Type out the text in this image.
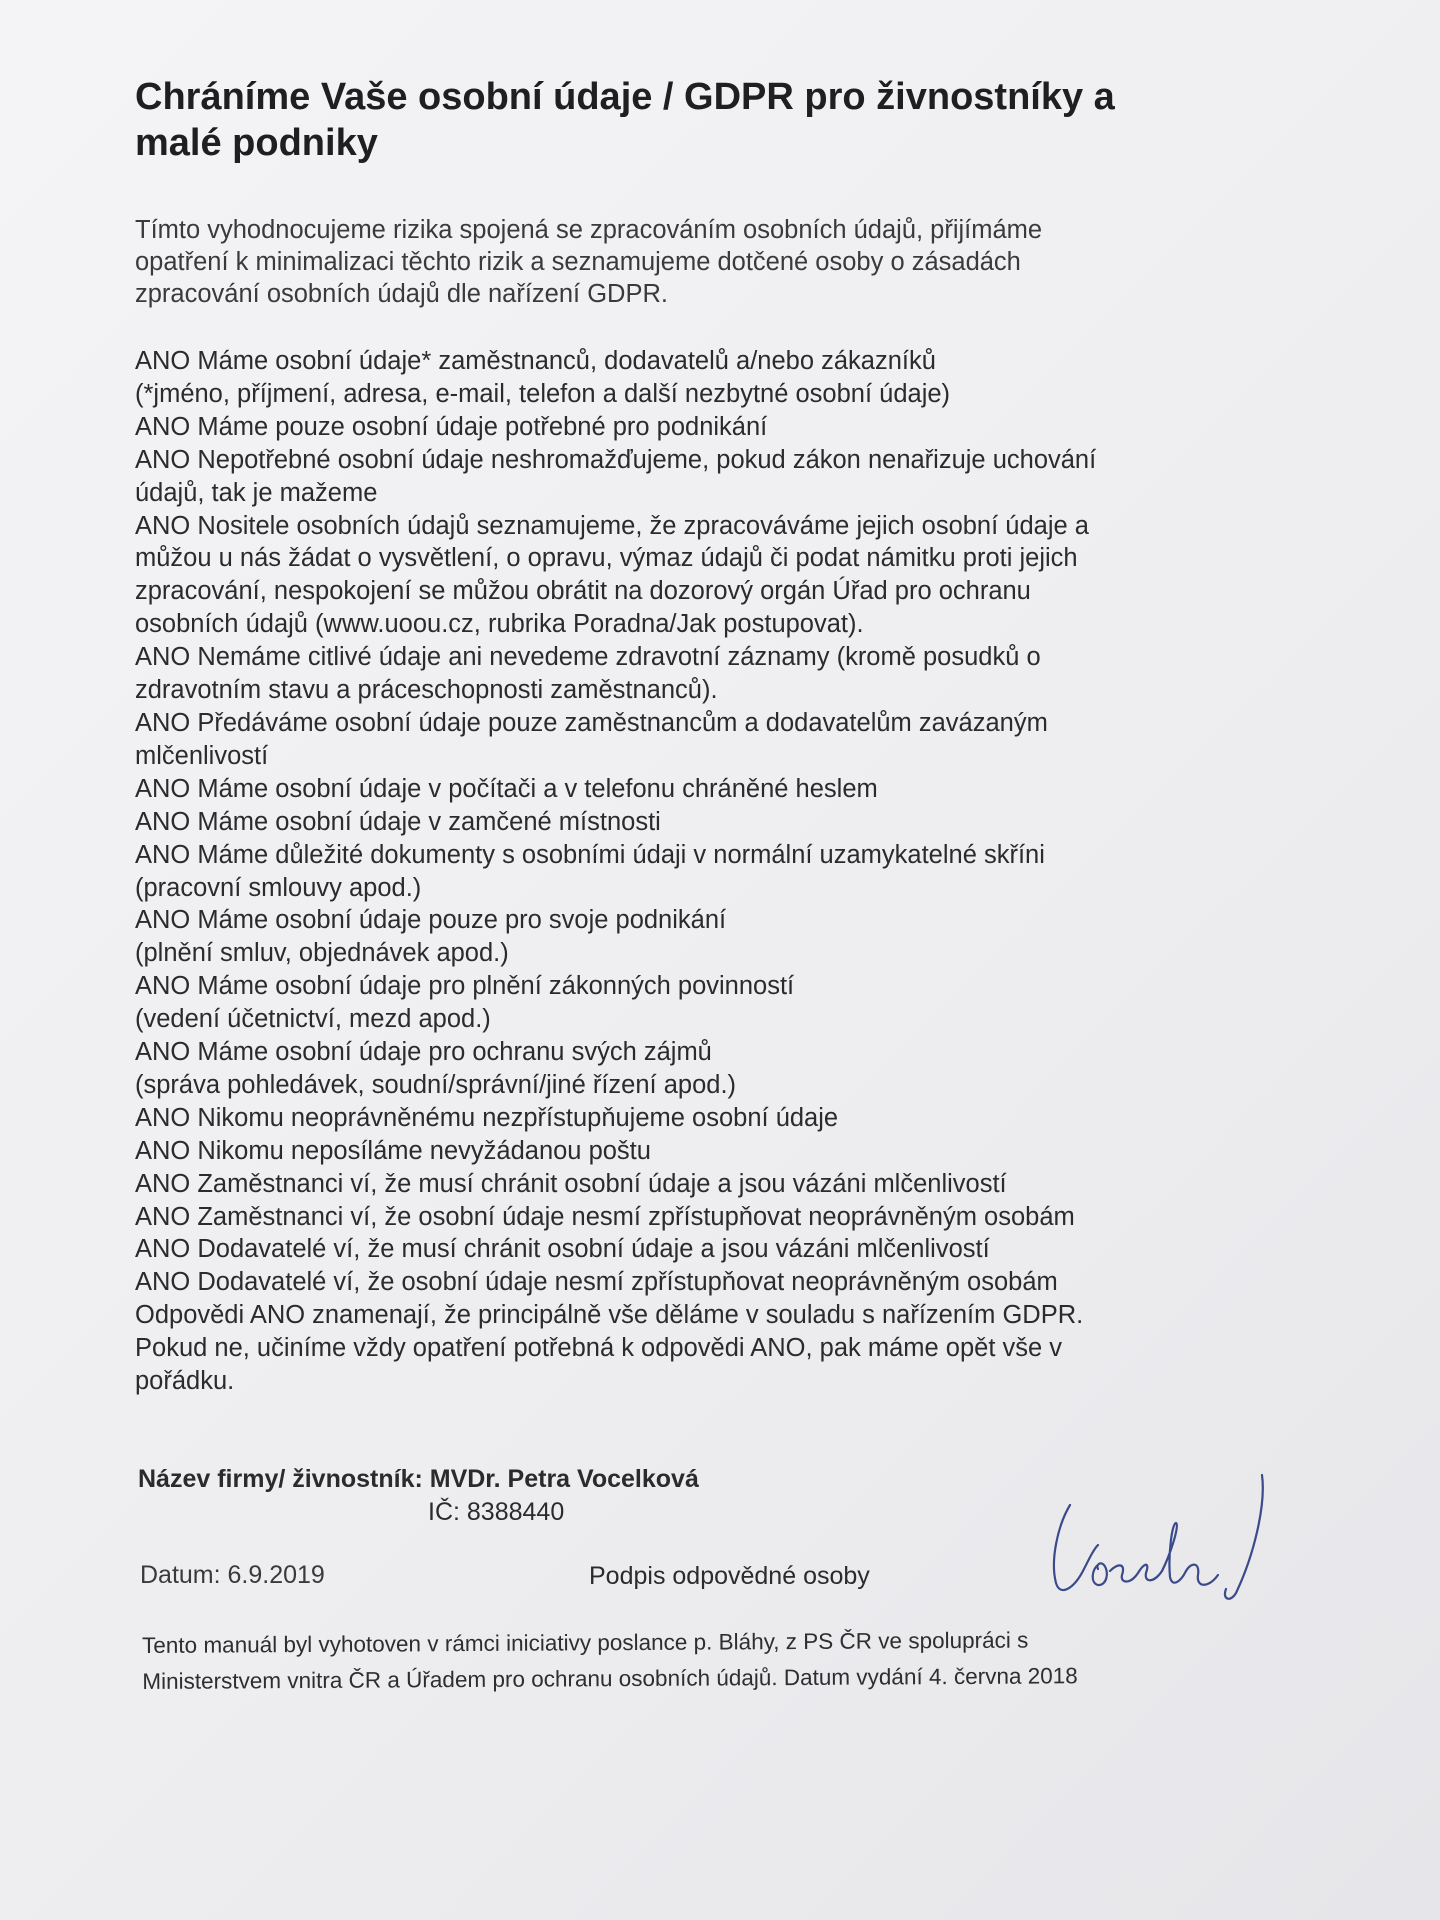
Chráníme Vaše osobní údaje / GDPR pro živnostníky a
malé podniky
Tímto vyhodnocujeme rizika spojená se zpracováním osobních údajů, přijímáme
opatření k minimalizaci těchto rizik a seznamujeme dotčené osoby o zásadách
zpracování osobních údajů dle nařízení GDPR.
ANO Máme osobní údaje* zaměstnanců, dodavatelů a/nebo zákazníků
(*jméno, příjmení, adresa, e-mail, telefon a další nezbytné osobní údaje)
ANO Máme pouze osobní údaje potřebné pro podnikání
ANO Nepotřebné osobní údaje neshromažďujeme, pokud zákon nenařizuje uchování
údajů, tak je mažeme
ANO Nositele osobních údajů seznamujeme, že zpracováváme jejich osobní údaje a
můžou u nás žádat o vysvětlení, o opravu, výmaz údajů či podat námitku proti jejich
zpracování, nespokojení se můžou obrátit na dozorový orgán Úřad pro ochranu
osobních údajů (www.uoou.cz, rubrika Poradna/Jak postupovat).
ANO Nemáme citlivé údaje ani nevedeme zdravotní záznamy (kromě posudků o
zdravotním stavu a práceschopnosti zaměstnanců).
ANO Předáváme osobní údaje pouze zaměstnancům a dodavatelům zavázaným
mlčenlivostí
ANO Máme osobní údaje v počítači a v telefonu chráněné heslem
ANO Máme osobní údaje v zamčené místnosti
ANO Máme důležité dokumenty s osobními údaji v normální uzamykatelné skříni
(pracovní smlouvy apod.)
ANO Máme osobní údaje pouze pro svoje podnikání
(plnění smluv, objednávek apod.)
ANO Máme osobní údaje pro plnění zákonných povinností
(vedení účetnictví, mezd apod.)
ANO Máme osobní údaje pro ochranu svých zájmů
(správa pohledávek, soudní/správní/jiné řízení apod.)
ANO Nikomu neoprávněnému nezpřístupňujeme osobní údaje
ANO Nikomu neposíláme nevyžádanou poštu
ANO Zaměstnanci ví, že musí chránit osobní údaje a jsou vázáni mlčenlivostí
ANO Zaměstnanci ví, že osobní údaje nesmí zpřístupňovat neoprávněným osobám
ANO Dodavatelé ví, že musí chránit osobní údaje a jsou vázáni mlčenlivostí
ANO Dodavatelé ví, že osobní údaje nesmí zpřístupňovat neoprávněným osobám
Odpovědi ANO znamenají, že principálně vše děláme v souladu s nařízením GDPR.
Pokud ne, učiníme vždy opatření potřebná k odpovědi ANO, pak máme opět vše v
pořádku.
Název firmy/ živnostník: MVDr. Petra Vocelková
IČ: 8388440
Datum: 6.9.2019	Podpis odpovědné osoby
Tento manuál byl vyhotoven v rámci iniciativy poslance p. Bláhy, z PS ČR ve spolupráci s
Ministerstvem vnitra ČR a Úřadem pro ochranu osobních údajů. Datum vydání 4. června 2018
